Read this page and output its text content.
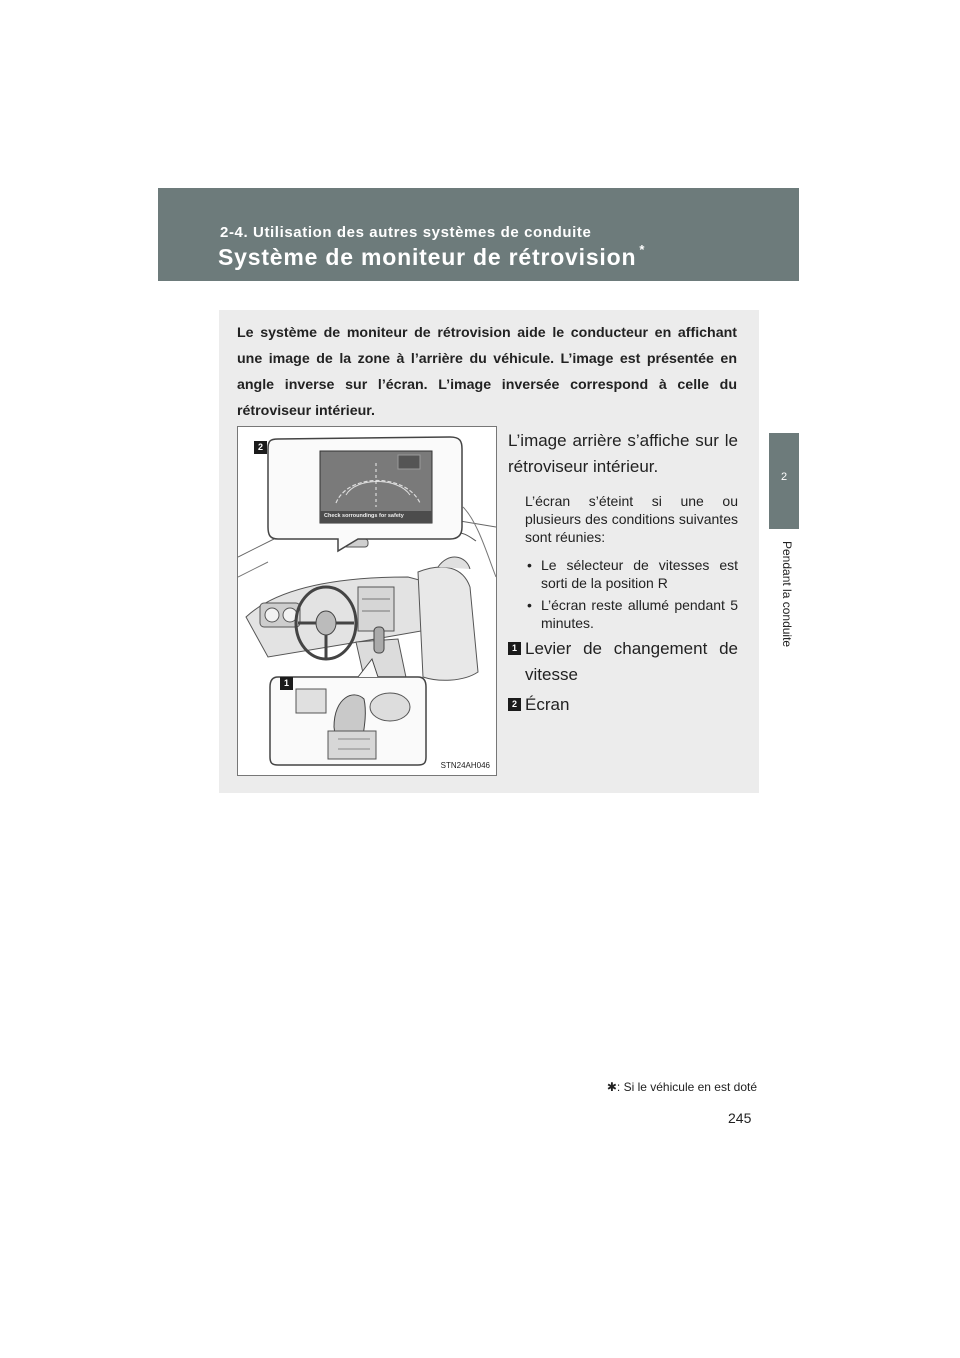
2-4. Utilisation des autres systèmes de conduite
Système de moniteur de rétrovision *
2
Pendant la conduite

Le système de moniteur de rétrovision aide le conducteur en affichant une image de la zone à l’arrière du véhicule. L’image est présentée en angle inverse sur l’écran. L’image inversée correspond à celle du rétroviseur intérieur.

2
1
Check sorroundings for safety
STN24AH046

L’image arrière s’affiche sur le rétroviseur intérieur.

L’écran s’éteint si une ou plusieurs des conditions suivantes sont réunies:

• Le sélecteur de vitesses est sorti de la position R
• L’écran reste allumé pendant 5 minutes.
1 Levier de changement de vitesse
2 Écran
✱: Si le véhicule en est doté
245
